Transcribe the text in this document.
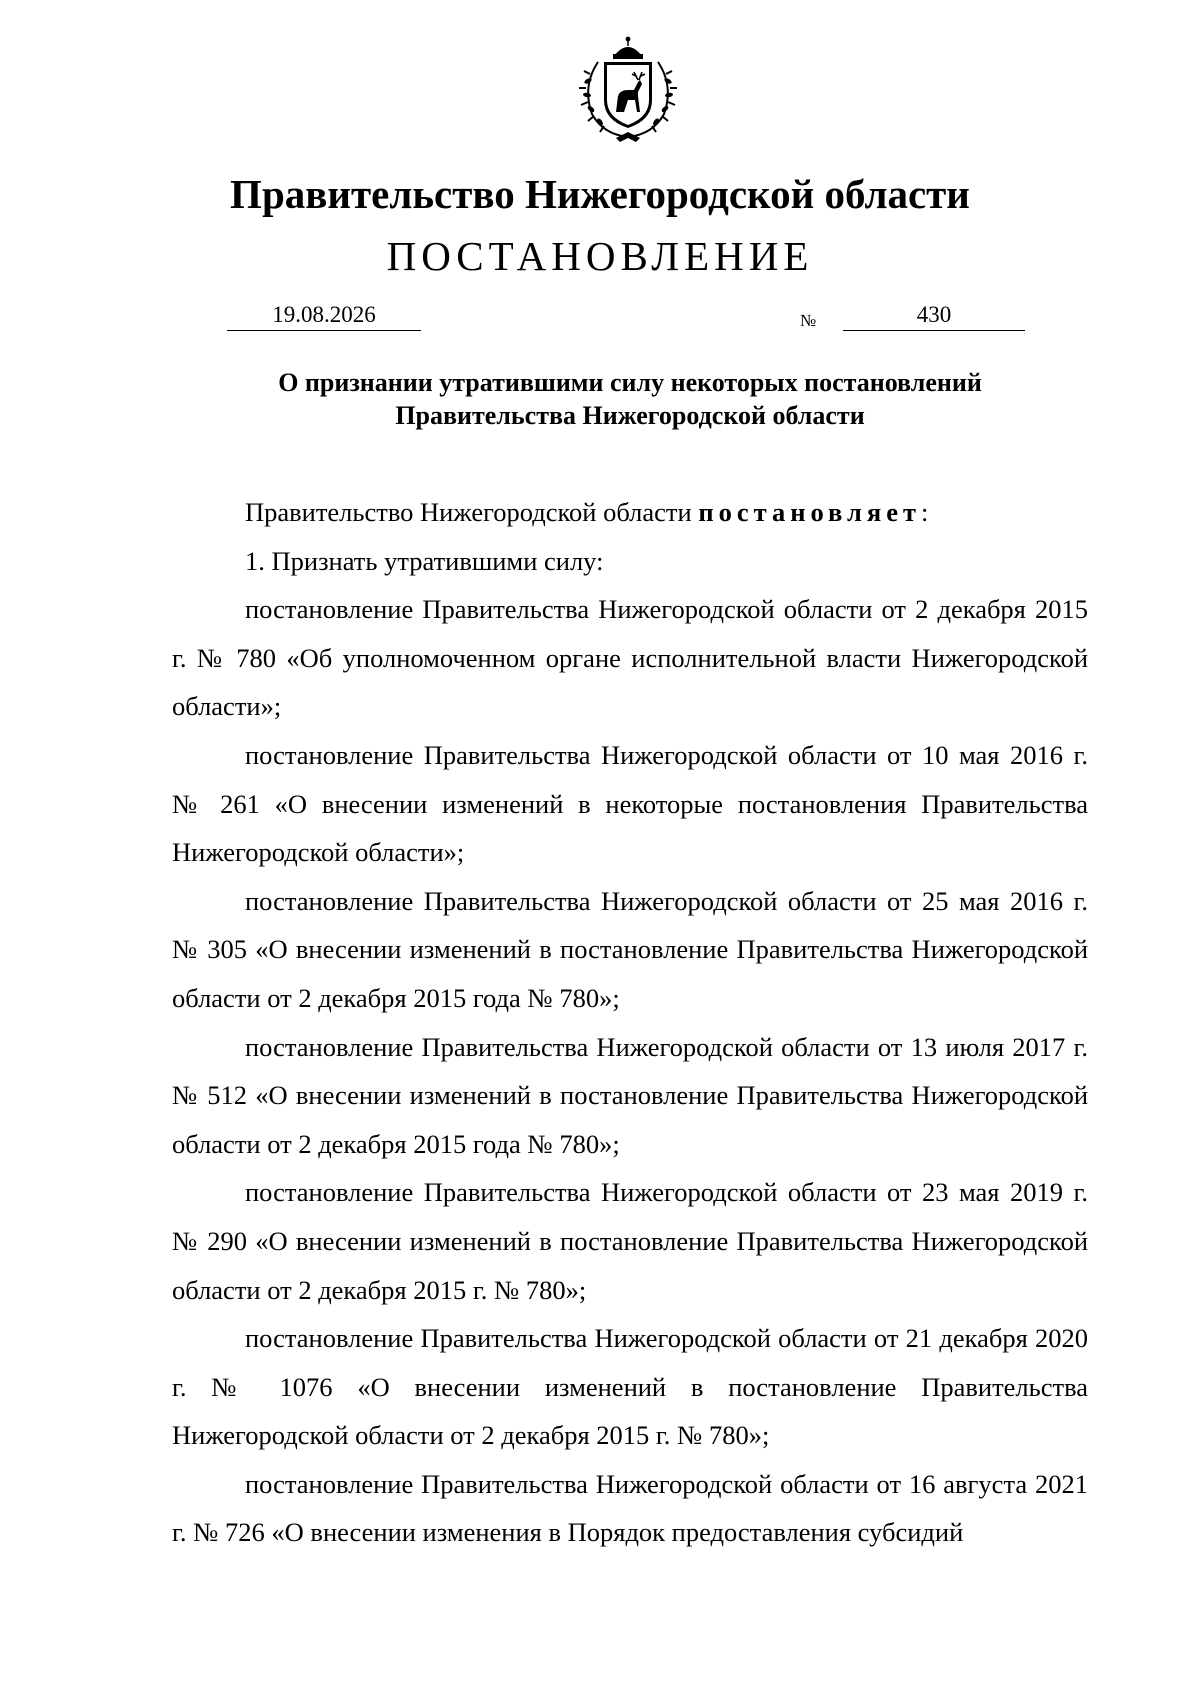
Правительство Нижегородской области
ПОСТАНОВЛЕНИЕ
19.08.2026	№	430
О признании утратившими силу некоторых постановлений
Правительства Нижегородской области

Правительство Нижегородской области постановляет:

1. Признать утратившими силу:

постановление Правительства Нижегородской области от 2 декабря 2015 г. № 780 «Об уполномоченном органе исполнительной власти Нижегородской области»;

постановление Правительства Нижегородской области от 10 мая 2016 г. № 261 «О внесении изменений в некоторые постановления Правительства Нижегородской области»;

постановление Правительства Нижегородской области от 25 мая 2016 г. № 305 «О внесении изменений в постановление Правительства Нижегородской области от 2 декабря 2015 года № 780»;

постановление Правительства Нижегородской области от 13 июля 2017 г. № 512 «О внесении изменений в постановление Правительства Нижегородской области от 2 декабря 2015 года № 780»;

постановление Правительства Нижегородской области от 23 мая 2019 г. № 290 «О внесении изменений в постановление Правительства Нижегородской области от 2 декабря 2015 г. № 780»;

постановление Правительства Нижегородской области от 21 декабря 2020 г. № 1076 «О внесении изменений в постановление Правительства Нижегородской области от 2 декабря 2015 г. № 780»;

постановление Правительства Нижегородской области от 16 августа 2021 г. № 726 «О внесении изменения в Порядок предоставления субсидий
